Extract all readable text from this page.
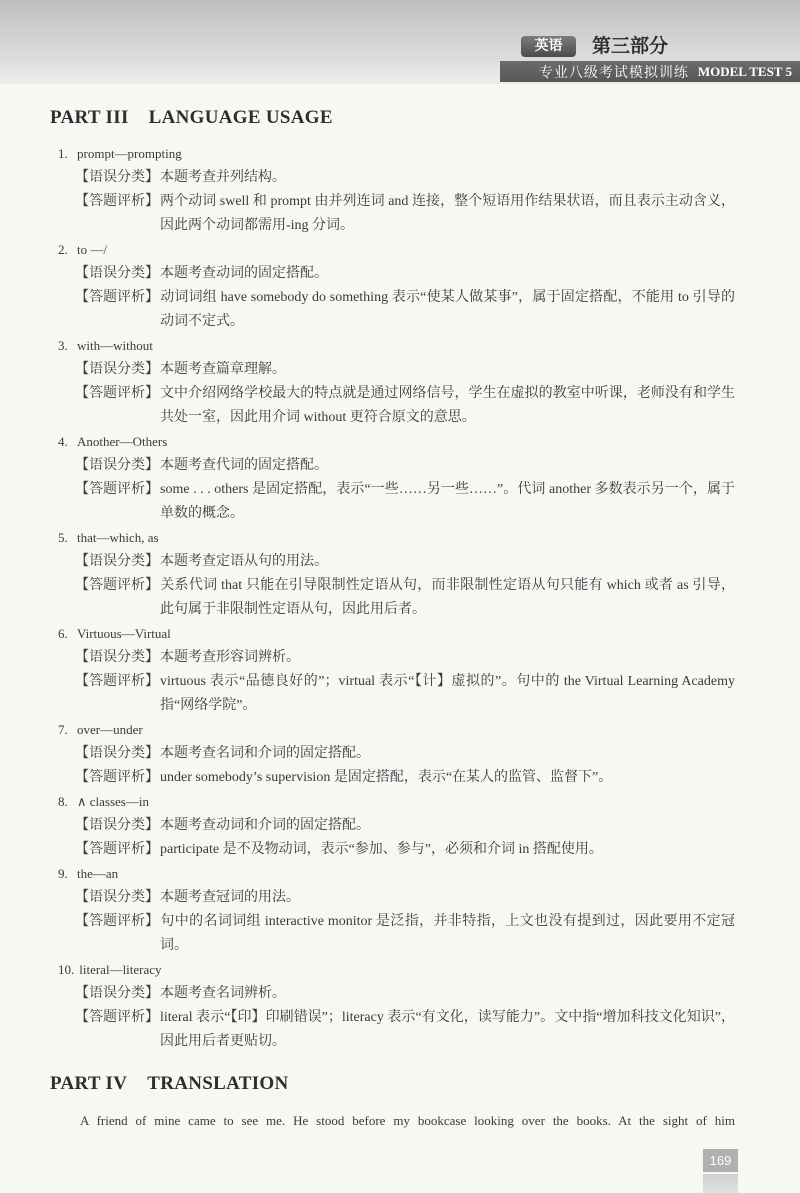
英语	第三部分
专业八级考试模拟训练 MODEL TEST 5
PART III LANGUAGE USAGE
1. prompt—prompting
【语误分类】本题考查并列结构。
【答题评析】两个动词 swell 和 prompt 由并列连词 and 连接，整个短语用作结果状语，而且表示主动含义，因此两个动词都需用-ing 分词。
2. to —/
【语误分类】本题考查动词的固定搭配。
【答题评析】动词词组 have somebody do something 表示“使某人做某事”，属于固定搭配，不能用 to 引导的动词不定式。
3. with—without
【语误分类】本题考查篇章理解。
【答题评析】文中介绍网络学校最大的特点就是通过网络信号，学生在虚拟的教室中听课，老师没有和学生共处一室，因此用介词 without 更符合原文的意思。
4. Another—Others
【语误分类】本题考查代词的固定搭配。
【答题评析】some . . . others 是固定搭配，表示“一些……另一些……”。代词 another 多数表示另一个，属于单数的概念。
5. that—which, as
【语误分类】本题考查定语从句的用法。
【答题评析】关系代词 that 只能在引导限制性定语从句，而非限制性定语从句只能有 which 或者 as 引导，此句属于非限制性定语从句，因此用后者。
6. Virtuous—Virtual
【语误分类】本题考查形容词辨析。
【答题评析】virtuous 表示“品德良好的”；virtual 表示“【计】虚拟的”。句中的 the Virtual Learning Academy 指“网络学院”。
7. over—under
【语误分类】本题考查名词和介词的固定搭配。
【答题评析】under somebody’s supervision 是固定搭配，表示“在某人的监管、监督下”。
8. ∧ classes—in
【语误分类】本题考查动词和介词的固定搭配。
【答题评析】participate 是不及物动词，表示“参加、参与”，必须和介词 in 搭配使用。
9. the—an
【语误分类】本题考查冠词的用法。
【答题评析】句中的名词词组 interactive monitor 是泛指，并非特指，上文也没有提到过，因此要用不定冠词。
10. literal—literacy
【语误分类】本题考查名词辨析。
【答题评析】literal 表示“【印】印刷错误”；literacy 表示“有文化，读写能力”。文中指“增加科技文化知识”，因此用后者更贴切。
PART IV TRANSLATION
A friend of mine came to see me. He stood before my bookcase looking over the books. At the sight of him
169
